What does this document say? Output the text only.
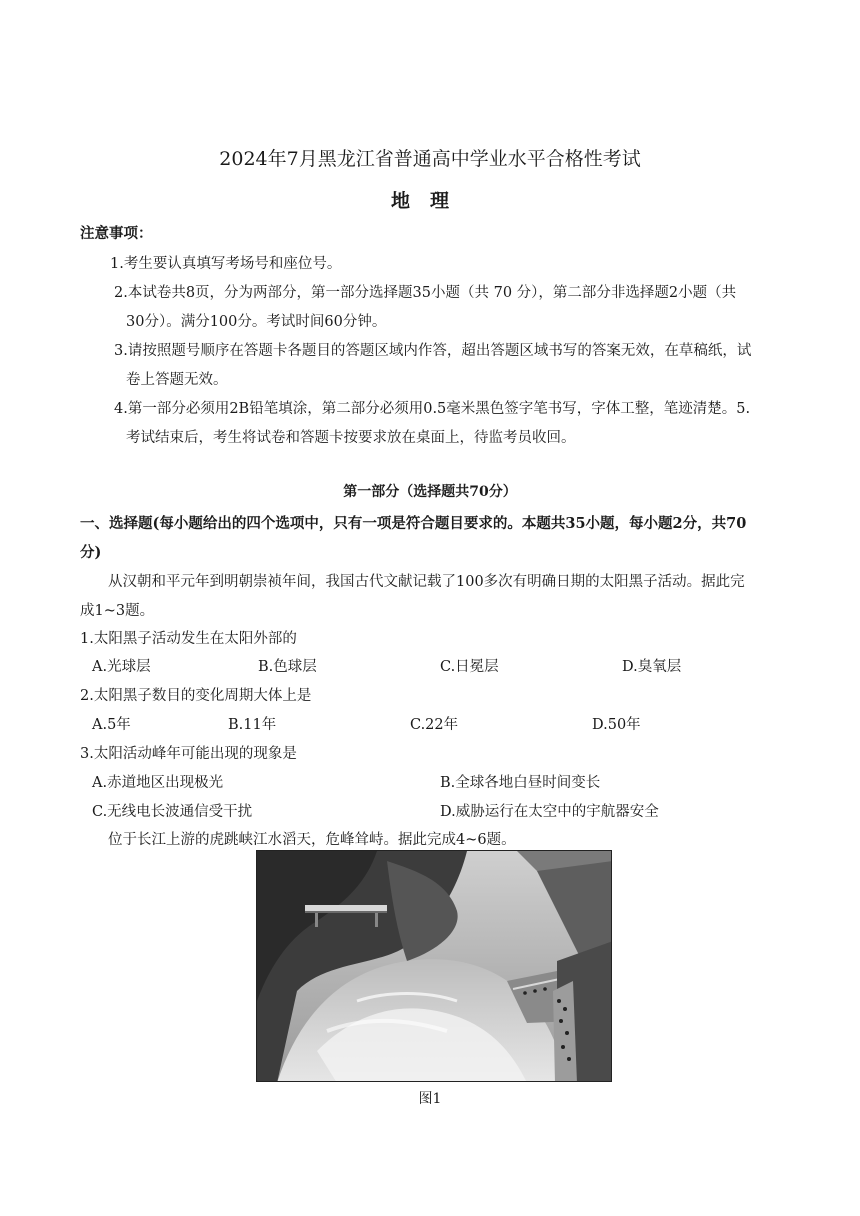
2024年7月黑龙江省普通高中学业水平合格性考试
地理
注意事项：
1.考生要认真填写考场号和座位号。
2.本试卷共8页，分为两部分，第一部分选择题35小题（共 70 分），第二部分非选择题2小题（共
30分）。满分100分。考试时间60分钟。
3.请按照题号顺序在答题卡各题目的答题区域内作答，超出答题区域书写的答案无效，在草稿纸，试
卷上答题无效。
4.第一部分必须用2B铅笔填涂，第二部分必须用0.5毫米黑色签字笔书写，字体工整，笔迹清楚。5.
考试结束后，考生将试卷和答题卡按要求放在桌面上，待监考员收回。
第一部分（选择题共70分）
一、选择题(每小题给出的四个选项中，只有一项是符合题目要求的。本题共35小题，每小题2分，共70
分)
从汉朝和平元年到明朝崇祯年间，我国古代文献记载了100多次有明确日期的太阳黑子活动。据此完
成1~3题。
1.太阳黑子活动发生在太阳外部的
A.光球层	B.色球层	C.日冕层	D.臭氧层
2.太阳黑子数目的变化周期大体上是
A.5年	B.11年	C.22年	D.50年
3.太阳活动峰年可能出现的现象是
A.赤道地区出现极光	B.全球各地白昼时间变长
C.无线电长波通信受干扰	D.威胁运行在太空中的宇航器安全
位于长江上游的虎跳峡江水滔天，危峰耸峙。据此完成4~6题。
图1
